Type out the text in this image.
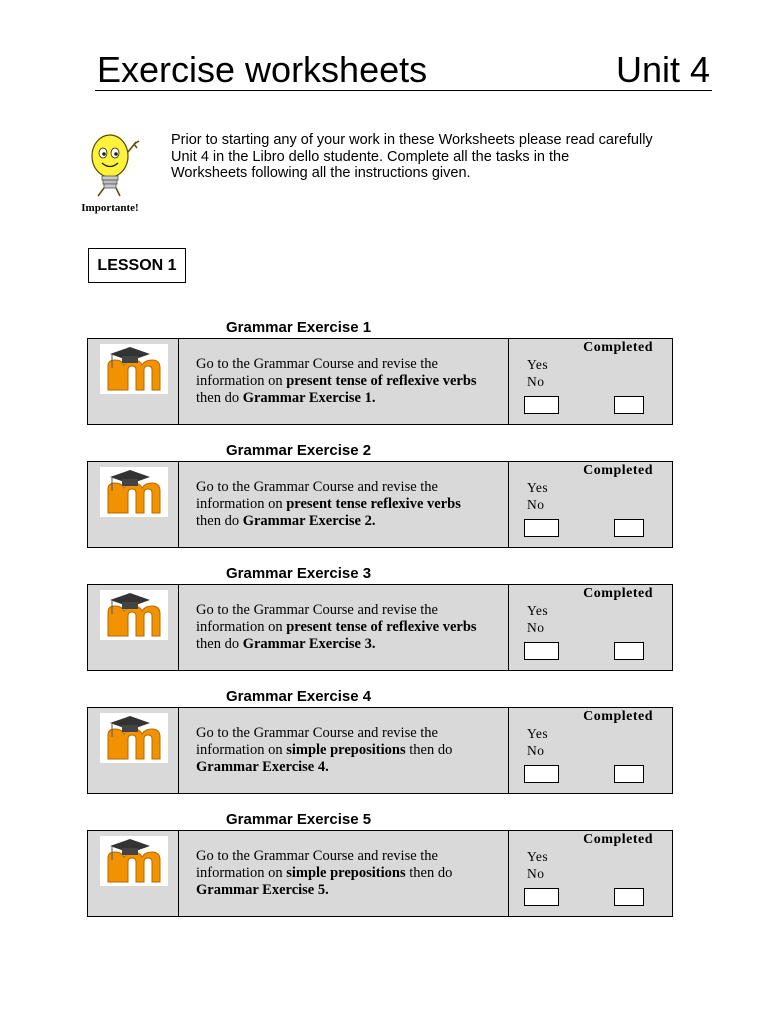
Exercise worksheets	Unit 4
Importante!
Prior to starting any of your work in these Worksheets please read carefully
Unit 4 in the Libro dello studente. Complete all the tasks in the
Worksheets following all the instructions given.
LESSON 1
Grammar Exercise 1
Go to the Grammar Course and revise the
information on present tense of reflexive verbs
then do Grammar Exercise 1.
Completed
Yes
No
Grammar Exercise 2
Go to the Grammar Course and revise the
information on present tense reflexive verbs
then do Grammar Exercise 2.
Completed
Yes
No
Grammar Exercise 3
Go to the Grammar Course and revise the
information on present tense of reflexive verbs
then do Grammar Exercise 3.
Completed
Yes
No
Grammar Exercise 4
Go to the Grammar Course and revise the
information on simple prepositions then do
Grammar Exercise 4.
Completed
Yes
No
Grammar Exercise 5
Go to the Grammar Course and revise the
information on simple prepositions then do
Grammar Exercise 5.
Completed
Yes
No
